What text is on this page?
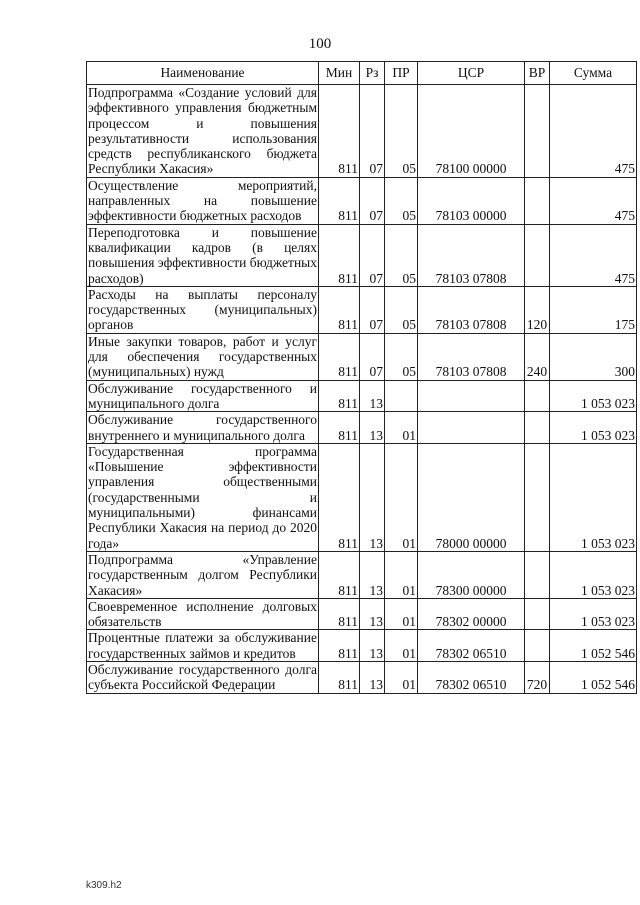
100
Наименование	Мин	Рз	ПР	ЦСР	ВР	Сумма
Подпрограмма «Создание условий для эффективного управления бюджетным процессом и повышения результативности использования средств республиканского бюджета Республики Хакасия»	811	07	05	78100 00000		475
Осуществление мероприятий, направленных на повышение эффективности бюджетных расходов	811	07	05	78103 00000		475
Переподготовка и повышение квалификации кадров (в целях повышения эффективности бюджетных расходов)	811	07	05	78103 07808		475
Расходы на выплаты персоналу государственных (муниципальных) органов	811	07	05	78103 07808	120	175
Иные закупки товаров, работ и услуг для обеспечения государственных (муниципальных) нужд	811	07	05	78103 07808	240	300
Обслуживание государственного и муниципального долга	811	13				1 053 023
Обслуживание государственного внутреннего и муниципального долга	811	13	01			1 053 023
Государственная программа «Повышение эффективности управления общественными (государственными и муниципальными) финансами Республики Хакасия на период до 2020 года»	811	13	01	78000 00000		1 053 023
Подпрограмма «Управление государственным долгом Республики Хакасия»	811	13	01	78300 00000		1 053 023
Своевременное исполнение долговых обязательств	811	13	01	78302 00000		1 053 023
Процентные платежи за обслуживание государственных займов и кредитов	811	13	01	78302 06510		1 052 546
Обслуживание государственного долга субъекта Российской Федерации	811	13	01	78302 06510	720	1 052 546
k309.h2
